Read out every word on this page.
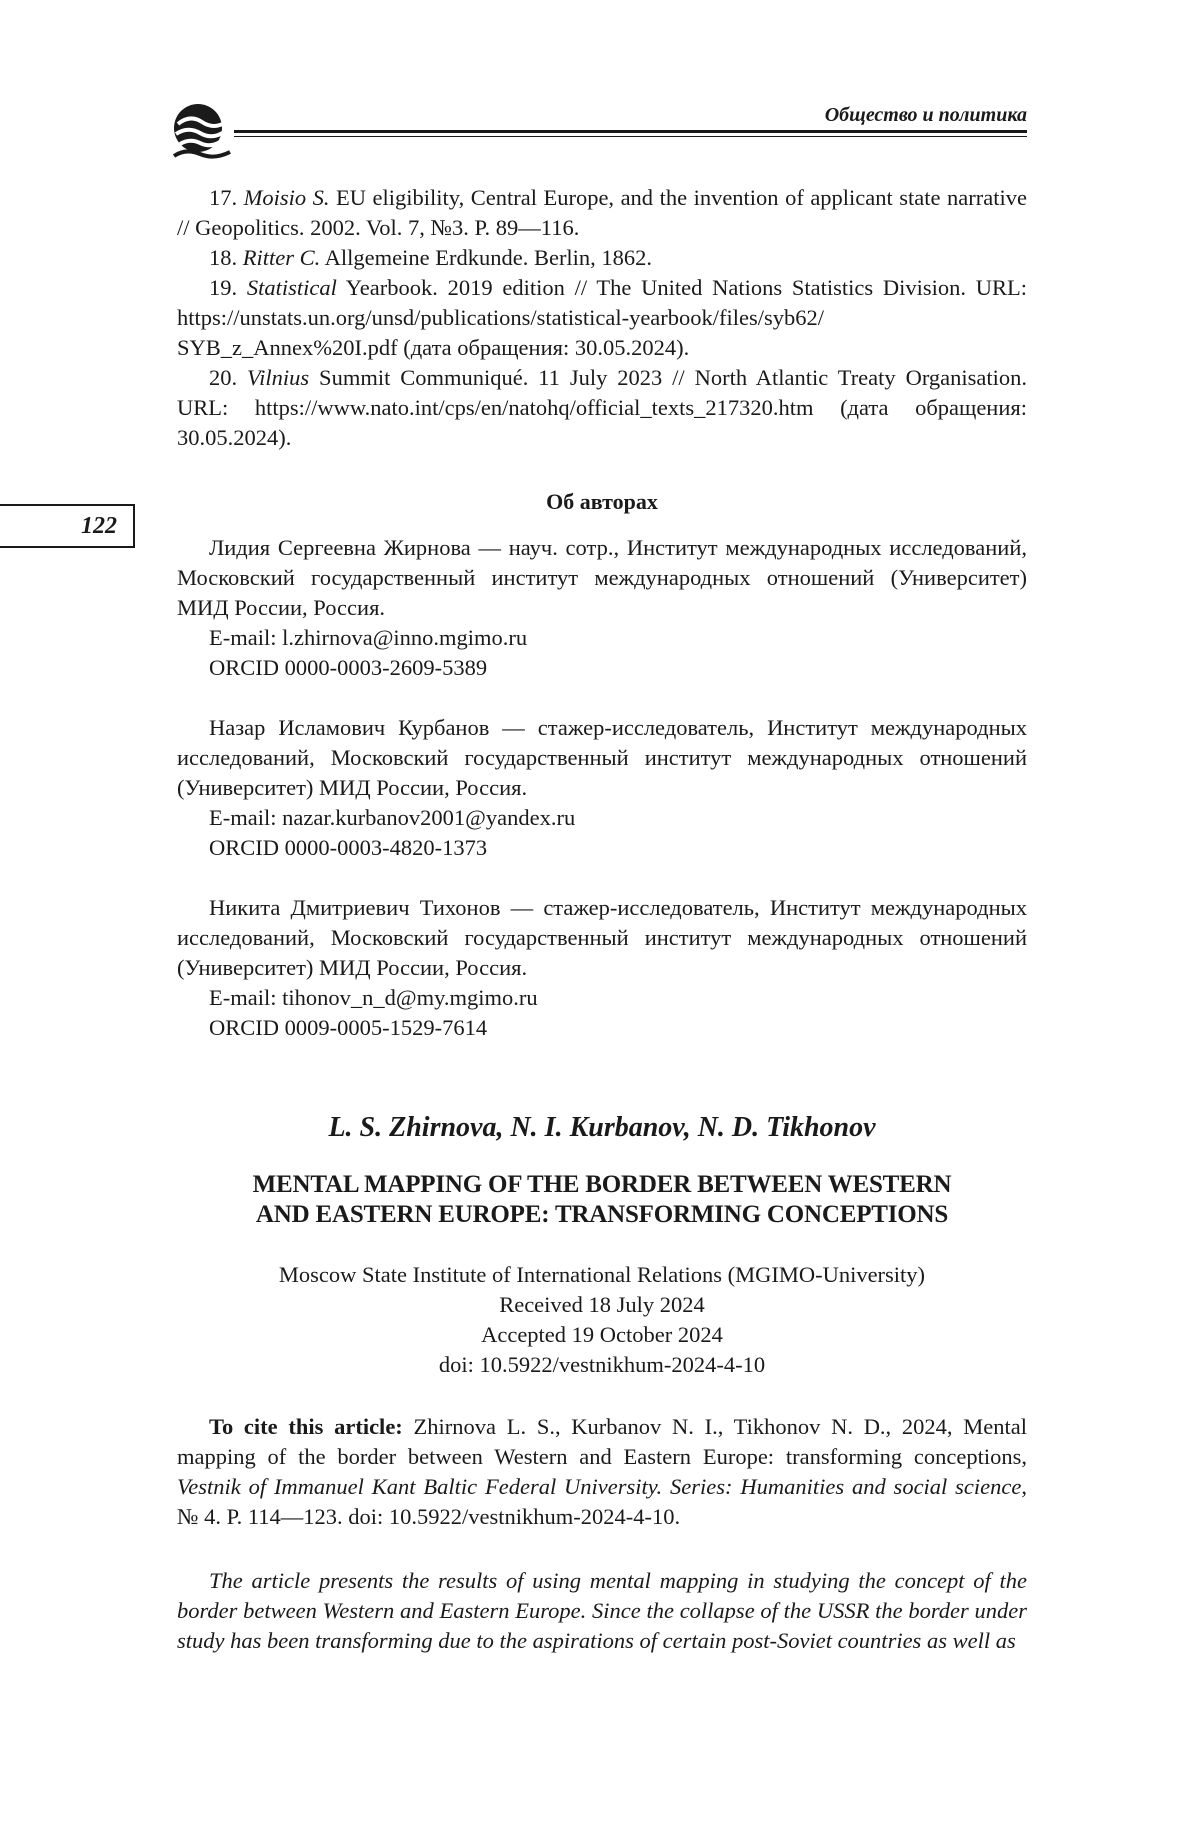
Общество и политика
122

17. Moisio S. EU eligibility, Central Europe, and the invention of applicant state narrative // Geopolitics. 2002. Vol. 7, №3. P. 89—116.

18. Ritter C. Allgemeine Erdkunde. Berlin, 1862.

19. Statistical Yearbook. 2019 edition // The United Nations Statistics Division. URL: https://unstats.un.org/unsd/publications/statistical-yearbook/files/syb62/ SYB_z_Annex%20I.pdf (дата обращения: 30.05.2024).

20. Vilnius Summit Communiqué. 11 July 2023 // North Atlantic Treaty Organisation. URL: https://www.nato.int/cps/en/natohq/official_texts_217320.htm (дата обращения: 30.05.2024).

Об авторах

Лидия Сергеевна Жирнова — науч. сотр., Институт международных исследований, Московский государственный институт международных отношений (Университет) МИД России, Россия.

E-mail: l.zhirnova@inno.mgimo.ru

ORCID 0000-0003-2609-5389

Назар Исламович Курбанов — стажер-исследователь, Институт международных исследований, Московский государственный институт международных отношений (Университет) МИД России, Россия.

E-mail: nazar.kurbanov2001@yandex.ru

ORCID 0000-0003-4820-1373

Никита Дмитриевич Тихонов — стажер-исследователь, Институт международных исследований, Московский государственный институт международных отношений (Университет) МИД России, Россия.

E-mail: tihonov_n_d@my.mgimo.ru

ORCID 0009-0005-1529-7614

L. S. Zhirnova, N. I. Kurbanov, N. D. Tikhonov
MENTAL MAPPING OF THE BORDER BETWEEN WESTERN
AND EASTERN EUROPE: TRANSFORMING CONCEPTIONS
Moscow State Institute of International Relations (MGIMO-University)
Received 18 July 2024
Accepted 19 October 2024
doi: 10.5922/vestnikhum-2024-4-10

To cite this article: Zhirnova L. S., Kurbanov N. I., Tikhonov N. D., 2024, Mental mapping of the border between Western and Eastern Europe: transforming conceptions, Vestnik of Immanuel Kant Baltic Federal University. Series: Humanities and social science, № 4. P. 114—123. doi: 10.5922/vestnikhum-2024-4-10.

The article presents the results of using mental mapping in studying the concept of the border between Western and Eastern Europe. Since the collapse of the USSR the border under study has been transforming due to the aspirations of certain post-Soviet countries as well as
